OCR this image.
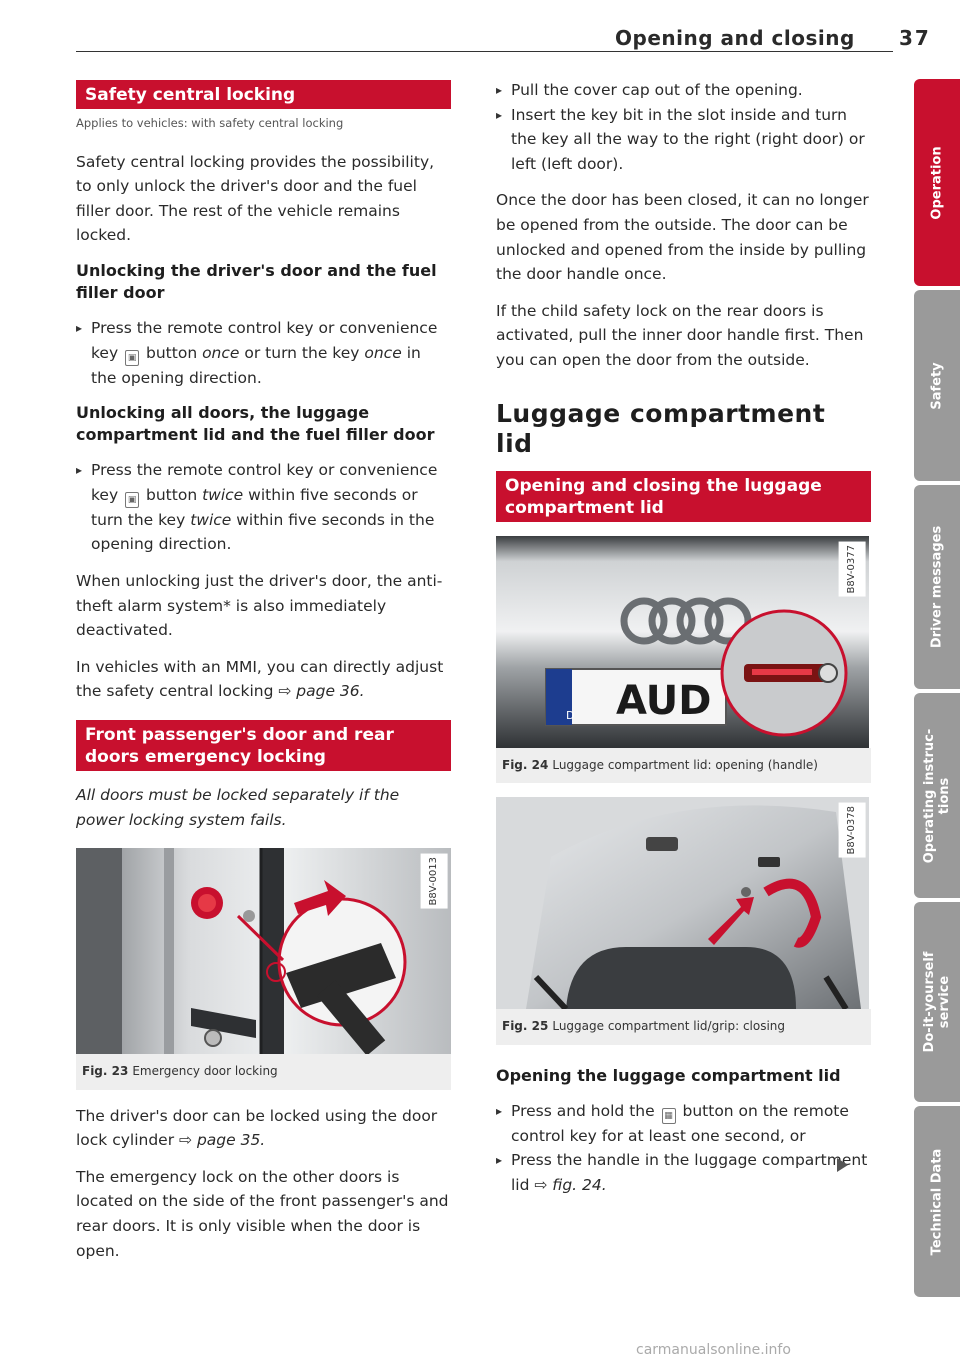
Opening and closing 37
Safety central locking

Applies to vehicles: with safety central locking

Safety central locking provides the possibility, to only unlock the driver's door and the fuel filler door. The rest of the vehicle remains locked.

Unlocking the driver's door and the fuel filler door

▸ Press the remote control key or convenience key ▣ button once or turn the key once in the opening direction.

Unlocking all doors, the luggage compartment lid and the fuel filler door

▸ Press the remote control key or convenience key ▣ button twice within five seconds or turn the key twice within five seconds in the opening direction.

When unlocking just the driver's door, the anti-theft alarm system* is also immediately deactivated.

In vehicles with an MMI, you can directly adjust the safety central locking ⇨ page 36.

Front passenger's door and rear doors emergency locking

All doors must be locked separately if the power locking system fails.

B8V-0013
Fig. 23 Emergency door locking

The driver's door can be locked using the door lock cylinder ⇨ page 35.

The emergency lock on the other doors is located on the side of the front passenger's and rear doors. It is only visible when the door is open.

▸ Pull the cover cap out of the opening.
▸ Insert the key bit in the slot inside and turn the key all the way to the right (right door) or left (left door).

Once the door has been closed, it can no longer be opened from the outside. The door can be unlocked and opened from the inside by pulling the door handle once.

If the child safety lock on the rear doors is activated, pull the inner door handle first. Then you can open the door from the outside.

Luggage compartment lid
Opening and closing the luggage compartment lid
D AUD
B8V-0377
Fig. 24 Luggage compartment lid: opening (handle)
B8V-0378
Fig. 25 Luggage compartment lid/grip: closing

Opening the luggage compartment lid

▸ Press and hold the ▦ button on the remote control key for at least one second, or
▸ Press the handle in the luggage compartment lid ⇨ fig. 24.
Operation
Safety
Driver messages
Operating instruc-
tions
Do-it-yourself
service
Technical Data
carmanualsonline.info
